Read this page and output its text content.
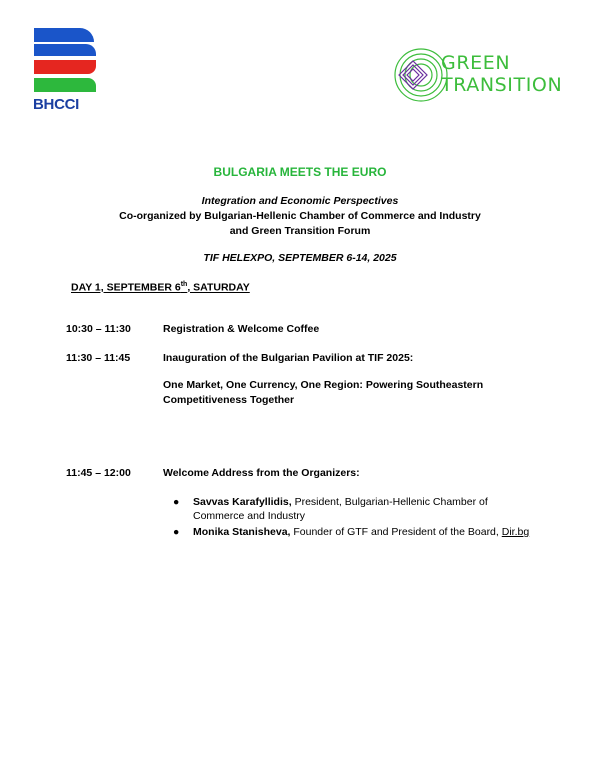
BHCCI
GREEN
TRANSITION
BULGARIA MEETS THE EURO
Integration and Economic Perspectives
Co-organized by Bulgarian-Hellenic Chamber of Commerce and Industry
and Green Transition Forum
TIF HELEXPO, SEPTEMBER 6-14, 2025
DAY 1, SEPTEMBER 6th, SATURDAY
10:30 – 11:30	Registration & Welcome Coffee
11:30 – 11:45	Inauguration of the Bulgarian Pavilion at TIF 2025:
One Market, One Currency, One Region: Powering Southeastern
Competitiveness Together
11:45 – 12:00	Welcome Address from the Organizers:
● Savvas Karafyllidis, President, Bulgarian-Hellenic Chamber of
Commerce and Industry
● Monika Stanisheva, Founder of GTF and President of the Board, Dir.bg
